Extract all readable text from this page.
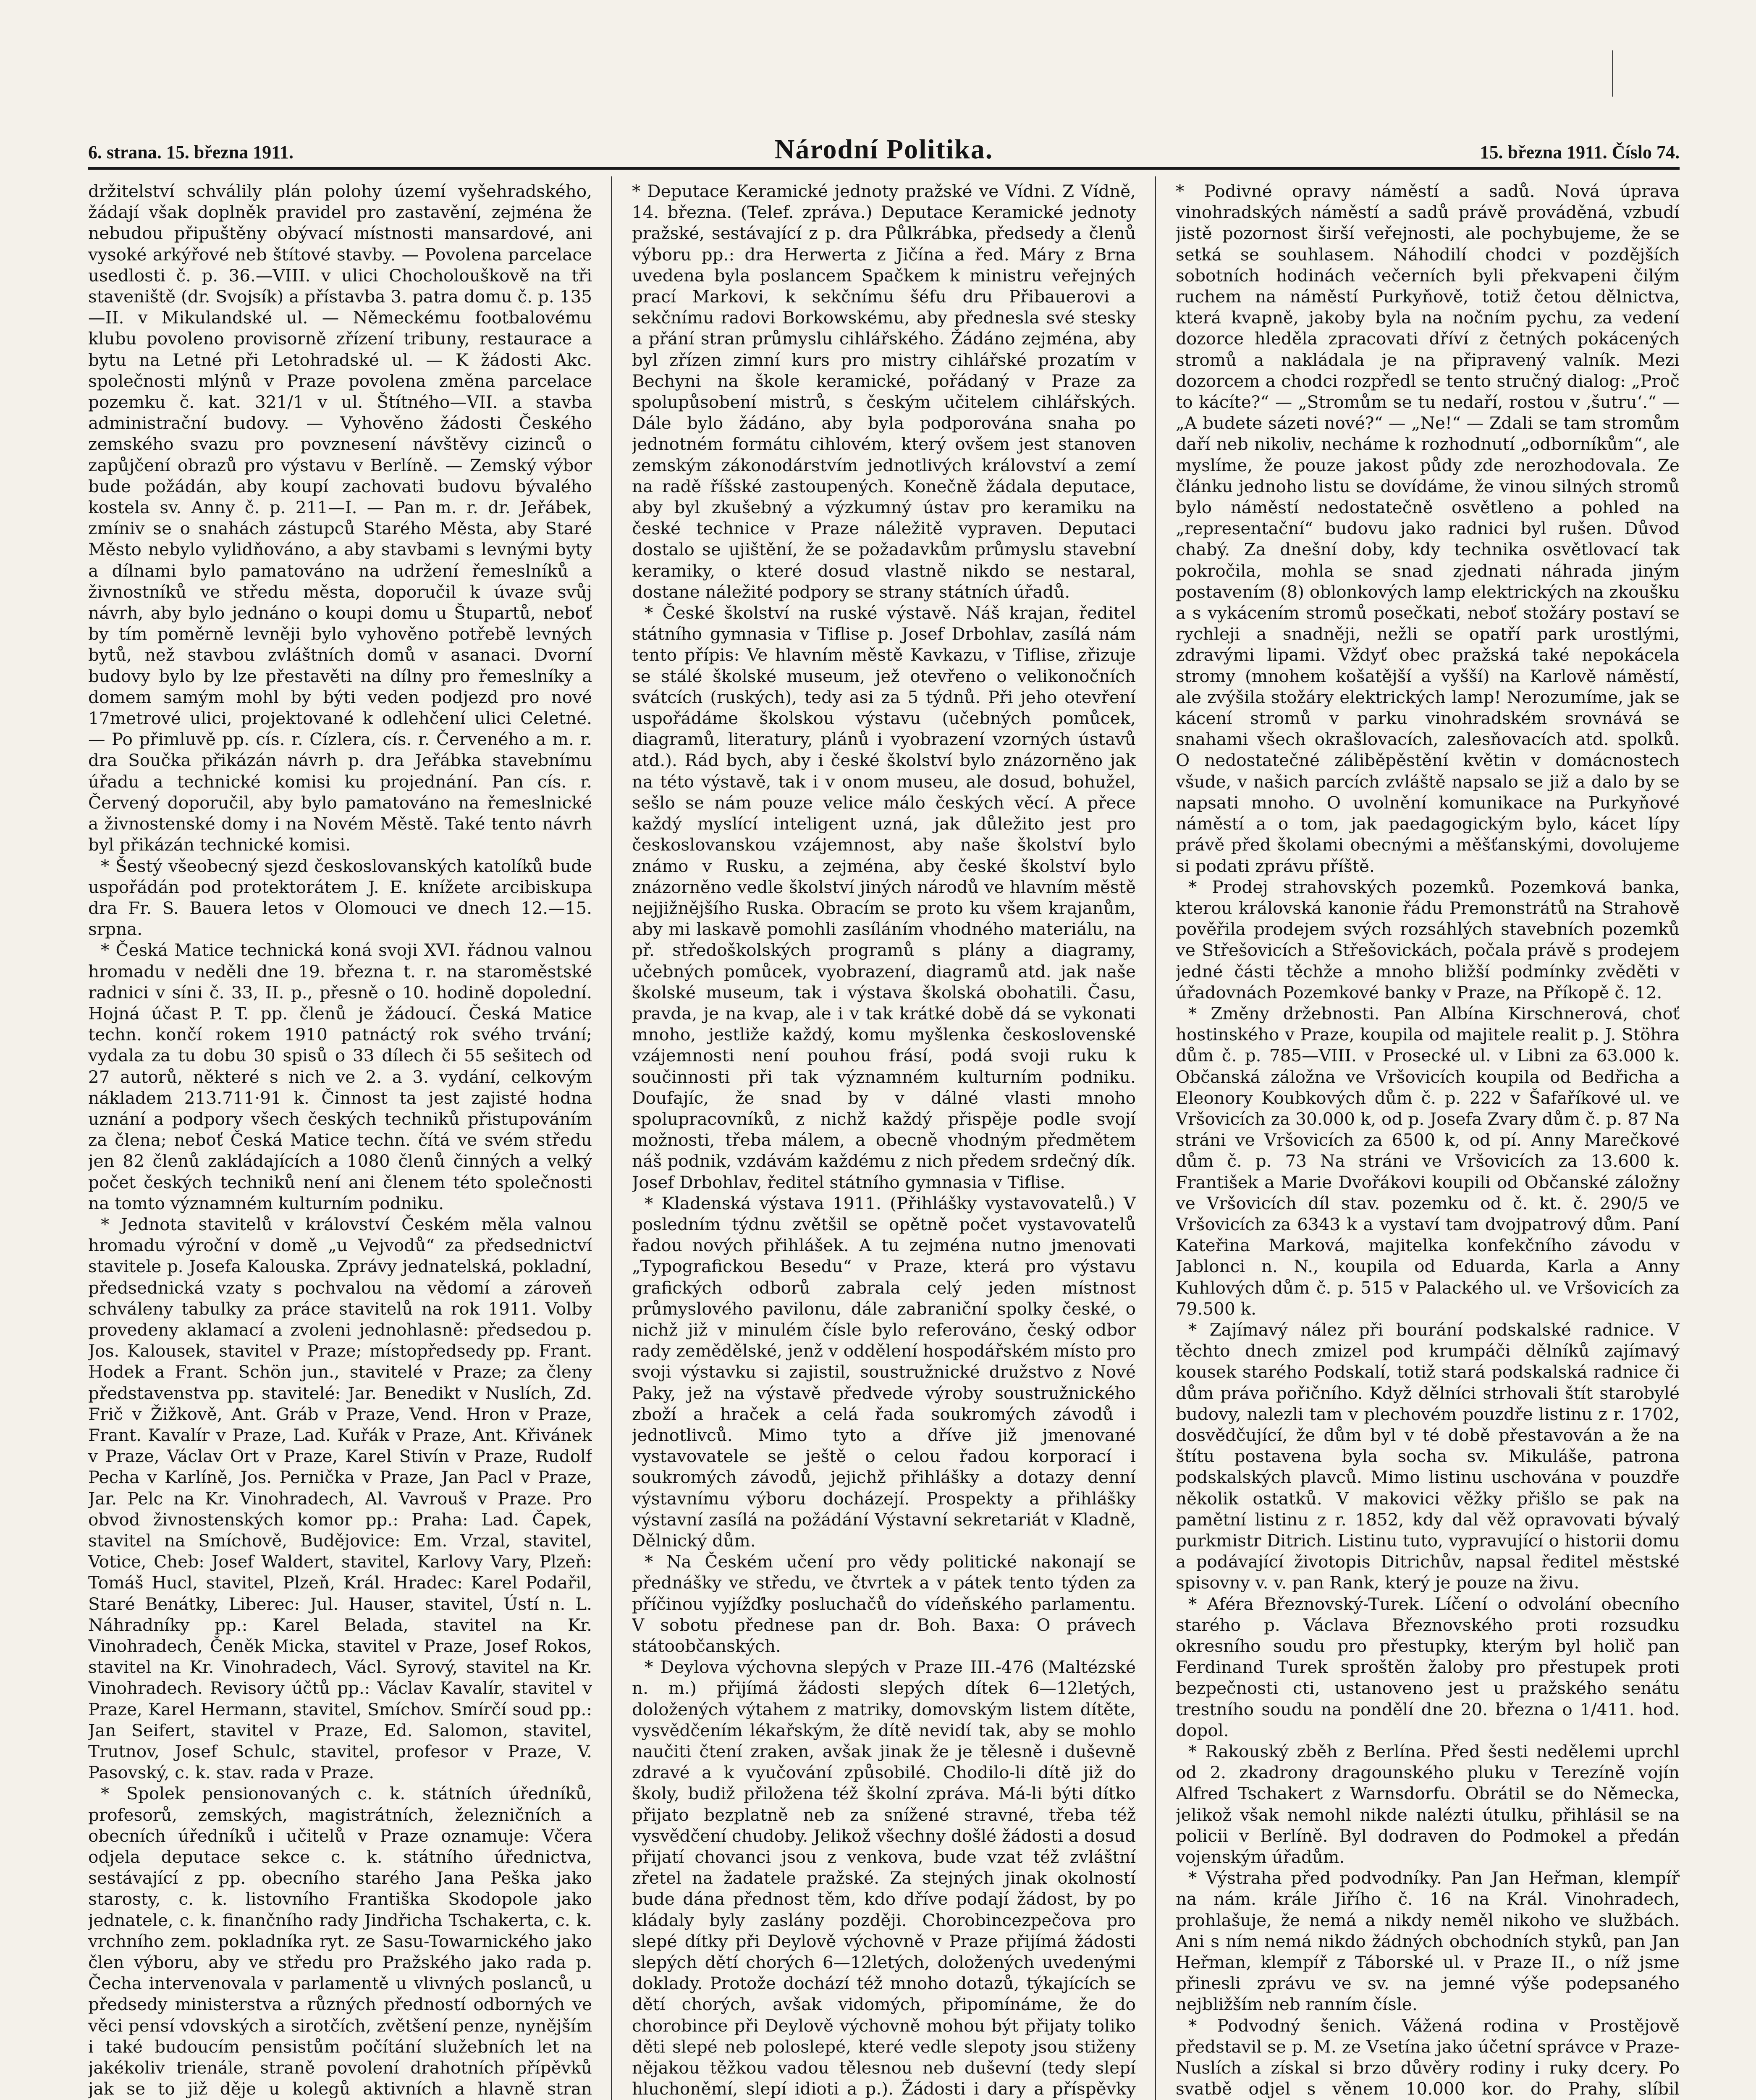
6. strana. 15. března 1911.	Národní Politika.	15. března 1911. Číslo 74.

držitelství schválily plán polohy území vyšehradského, žádají však doplněk pravidel pro zastavění, zejména že nebudou připuštěny obývací místnosti mansardové, ani vysoké arkýřové neb štítové stavby. — Povolena parcelace usedlosti č. p. 36.—VIII. v ulici Chocholouškově na tři staveniště (dr. Svojsík) a přístavba 3. patra domu č. p. 135—II. v Mikulandské ul. — Německému footbalovému klubu povoleno provisorně zřízení tribuny, restaurace a bytu na Letné při Letohradské ul. — K žádosti Akc. společnosti mlýnů v Praze povolena změna parcelace pozemku č. kat. 321/1 v ul. Štítného—VII. a stavba administrační budovy. — Vyhověno žádosti Českého zemského svazu pro povznesení návštěvy cizinců o zapůjčení obrazů pro výstavu v Berlíně. — Zemský výbor bude požádán, aby koupí zachovati budovu bývalého kostela sv. Anny č. p. 211—I. — Pan m. r. dr. Jeřábek, zmíniv se o snahách zástupců Starého Města, aby Staré Město nebylo vylidňováno, a aby stavbami s levnými byty a dílnami bylo pamatováno na udržení řemeslníků a živnostníků ve středu města, doporučil k úvaze svůj návrh, aby bylo jednáno o koupi domu u Štupartů, neboť by tím poměrně levněji bylo vyhověno potřebě levných bytů, než stavbou zvláštních domů v asanaci. Dvorní budovy bylo by lze přestavěti na dílny pro řemeslníky a domem samým mohl by býti veden podjezd pro nové 17metrové ulici, projektované k odlehčení ulici Celetné. — Po přimluvě pp. cís. r. Cízlera, cís. r. Červeného a m. r. dra Součka přikázán návrh p. dra Jeřábka stavebnímu úřadu a technické komisi ku projednání. Pan cís. r. Červený doporučil, aby bylo pamatováno na řemeslnické a živnostenské domy i na Novém Městě. Také tento návrh byl přikázán technické komisi.

* Šestý všeobecný sjezd českoslovanských katolíků bude uspořádán pod protektorátem J. E. knížete arcibiskupa dra Fr. S. Bauera letos v Olomouci ve dnech 12.—15. srpna.

* Česká Matice technická koná svoji XVI. řádnou valnou hromadu v neděli dne 19. března t. r. na staroměstské radnici v síni č. 33, II. p., přesně o 10. hodině dopolední. Hojná účast P. T. pp. členů je žádoucí. Česká Matice techn. končí rokem 1910 patnáctý rok svého trvání; vydala za tu dobu 30 spisů o 33 dílech či 55 sešitech od 27 autorů, některé s nich ve 2. a 3. vydání, celkovým nákladem 213.711·91 k. Činnost ta jest zajisté hodna uznání a podpory všech českých techniků přistupováním za člena; neboť Česká Matice techn. čítá ve svém středu jen 82 členů zakládajících a 1080 členů činných a velký počet českých techniků není ani členem této společnosti na tomto významném kulturním podniku.

* Jednota stavitelů v království Českém měla valnou hromadu výroční v domě „u Vejvodů“ za předsednictví stavitele p. Josefa Kalouska. Zprávy jednatelská, pokladní, předsednická vzaty s pochvalou na vědomí a zároveň schváleny tabulky za práce stavitelů na rok 1911. Volby provedeny aklamací a zvoleni jednohlasně: předsedou p. Jos. Kalousek, stavitel v Praze; místopředsedy pp. Frant. Hodek a Frant. Schön jun., stavitelé v Praze; za členy představenstva pp. stavitelé: Jar. Benedikt v Nuslích, Zd. Frič v Žižkově, Ant. Gráb v Praze, Vend. Hron v Praze, Frant. Kavalír v Praze, Lad. Kuřák v Praze, Ant. Křivánek v Praze, Václav Ort v Praze, Karel Stivín v Praze, Rudolf Pecha v Karlíně, Jos. Pernička v Praze, Jan Pacl v Praze, Jar. Pelc na Kr. Vinohradech, Al. Vavrouš v Praze. Pro obvod živnostenských komor pp.: Praha: Lad. Čapek, stavitel na Smíchově, Budějovice: Em. Vrzal, stavitel, Votice, Cheb: Josef Waldert, stavitel, Karlovy Vary, Plzeň: Tomáš Hucl, stavitel, Plzeň, Král. Hradec: Karel Podařil, Staré Benátky, Liberec: Jul. Hauser, stavitel, Ústí n. L. Náhradníky pp.: Karel Belada, stavitel na Kr. Vinohradech, Čeněk Micka, stavitel v Praze, Josef Rokos, stavitel na Kr. Vinohradech, Václ. Syrový, stavitel na Kr. Vinohradech. Revisory účtů pp.: Václav Kavalír, stavitel v Praze, Karel Hermann, stavitel, Smíchov. Smírčí soud pp.: Jan Seifert, stavitel v Praze, Ed. Salomon, stavitel, Trutnov, Josef Schulc, stavitel, profesor v Praze, V. Pasovský, c. k. stav. rada v Praze.

* Spolek pensionovaných c. k. státních úředníků, profesorů, zemských, magistrátních, železničních a obecních úředníků i učitelů v Praze oznamuje: Včera odjela deputace sekce c. k. státního úřednictva, sestávající z pp. obecního starého Jana Peška jako starosty, c. k. listovního Františka Skodopole jako jednatele, c. k. finančního rady Jindřicha Tschakerta, c. k. vrchního zem. pokladníka ryt. ze Sasu-Towarnického jako člen výboru, aby ve středu pro Pražského jako rada p. Čecha intervenovala v parlamentě u vlivných poslanců, u předsedy ministerstva a různých předností odborných ve věci pensí vdovských a sirotčích, zvětšení penze, nynějším i také budoucím pensistům počítání služebních let na jakékoliv trienále, straně povolení drahotních přípěvků jak se to již děje u kolegů aktivních a hlavně stran

* Deputace Keramické jednoty pražské ve Vídni. Z Vídně, 14. března. (Telef. zpráva.) Deputace Keramické jednoty pražské, sestávající z p. dra Půlkrábka, předsedy a členů výboru pp.: dra Herwerta z Jičína a řed. Máry z Brna uvedena byla poslancem Spačkem k ministru veřejných prací Markovi, k sekčnímu šéfu dru Přibauerovi a sekčnímu radovi Borkowskému, aby přednesla své stesky a přání stran průmyslu cihlářského. Žádáno zejména, aby byl zřízen zimní kurs pro mistry cihlářské prozatím v Bechyni na škole keramické, pořádaný v Praze za spolupůsobení mistrů, s českým učitelem cihlářských. Dále bylo žádáno, aby byla podporována snaha po jednotném formátu cihlovém, který ovšem jest stanoven zemským zákonodárstvím jednotlivých království a zemí na radě říšské zastoupených. Konečně žádala deputace, aby byl zkušebný a výzkumný ústav pro keramiku na české technice v Praze náležitě vypraven. Deputaci dostalo se ujištění, že se požadavkům průmyslu stavební keramiky, o které dosud vlastně nikdo se nestaral, dostane náležité podpory se strany státních úřadů.

* České školství na ruské výstavě. Náš krajan, ředitel státního gymnasia v Tiflise p. Josef Drbohlav, zasílá nám tento přípis: Ve hlavním městě Kavkazu, v Tiflise, zřizuje se stálé školské museum, jež otevřeno o velikonočních svátcích (ruských), tedy asi za 5 týdnů. Při jeho otevření uspořádáme školskou výstavu (učebných pomůcek, diagramů, literatury, plánů i vyobrazení vzorných ústavů atd.). Rád bych, aby i české školství bylo znázorněno jak na této výstavě, tak i v onom museu, ale dosud, bohužel, sešlo se nám pouze velice málo českých věcí. A přece každý myslící inteligent uzná, jak důležito jest pro českoslovanskou vzájemnost, aby naše školství bylo známo v Rusku, a zejména, aby české školství bylo znázorněno vedle školství jiných národů ve hlavním městě nejjižnějšího Ruska. Obracím se proto ku všem krajanům, aby mi laskavě pomohli zasíláním vhodného materiálu, na př. středoškolských programů s plány a diagramy, učebných pomůcek, vyobrazení, diagramů atd. jak naše školské museum, tak i výstava školská obohatili. Času, pravda, je na kvap, ale i v tak krátké době dá se vykonati mnoho, jestliže každý, komu myšlenka československé vzájemnosti není pouhou frásí, podá svoji ruku k součinnosti při tak významném kulturním podniku. Doufajíc, že snad by v dálné vlasti mnoho spolupracovníků, z nichž každý přispěje podle svojí možnosti, třeba málem, a obecně vhodným předmětem náš podnik, vzdávám každému z nich předem srdečný dík. Josef Drbohlav, ředitel státního gymnasia v Tiflise.

* Kladenská výstava 1911. (Přihlášky vystavovatelů.) V posledním týdnu zvětšil se opětně počet vystavovatelů řadou nových přihlášek. A tu zejména nutno jmenovati „Typografickou Besedu“ v Praze, která pro výstavu grafických odborů zabrala celý jeden místnost průmyslového pavilonu, dále zabraniční spolky české, o nichž již v minulém čísle bylo referováno, český odbor rady zemědělské, jenž v oddělení hospodářském místo pro svoji výstavku si zajistil, soustružnické družstvo z Nové Paky, jež na výstavě předvede výroby soustružnického zboží a hraček a celá řada soukromých závodů i jednotlivců. Mimo tyto a dříve již jmenované vystavovatele se ještě o celou řadou korporací i soukromých závodů, jejichž přihlášky a dotazy denní výstavnímu výboru docházejí. Prospekty a přihlášky výstavní zasílá na požádání Výstavní sekretariát v Kladně, Dělnický dům.

* Na Českém učení pro vědy politické nakonají se přednášky ve středu, ve čtvrtek a v pátek tento týden za příčinou vyjížďky posluchačů do vídeňského parlamentu. V sobotu přednese pan dr. Boh. Baxa: O právech státoobčanských.

* Deylova výchovna slepých v Praze III.-476 (Maltézské n. m.) přijímá žádosti slepých dítek 6—12letých, doložených výtahem z matriky, domovským listem dítěte, vysvědčením lékařským, že dítě nevidí tak, aby se mohlo naučiti čtení zraken, avšak jinak že je tělesně i duševně zdravé a k vyučování způsobilé. Chodilo-li dítě již do školy, budiž přiložena též školní zpráva. Má-li býti dítko přijato bezplatně neb za snížené stravné, třeba též vysvědčení chudoby. Jelikož všechny došlé žádosti a dosud přijatí chovanci jsou z venkova, bude vzat též zvláštní zřetel na žadatele pražské. Za stejných jinak okolností bude dána přednost těm, kdo dříve podají žádost, by po kládaly byly zaslány později. Chorobincezpečova pro slepé dítky při Deylově výchovně v Praze přijímá žádosti slepých dětí chorých 6—12letých, doložených uvedenými doklady. Protože dochází též mnoho dotazů, týkajících se dětí chorých, avšak vidomých, připomínáme, že do chorobince při Deylově výchovně mohou být přijaty toliko děti slepé neb poloslepé, které vedle slepoty jsou stiženy nějakou těžkou vadou tělesnou neb duševní (tedy slepí hluchoněmí, slepí idioti a p.). Žádosti i dary a příspěvky

* Podivné opravy náměstí a sadů. Nová úprava vinohradských náměstí a sadů právě prováděná, vzbudí jistě pozornost širší veřejnosti, ale pochybujeme, že se setká se souhlasem. Náhodilí chodci v pozdějších sobotních hodinách večerních byli překvapeni čilým ruchem na náměstí Purkyňově, totiž četou dělnictva, která kvapně, jakoby byla na nočním pychu, za vedení dozorce hleděla zpracovati dříví z četných pokácených stromů a nakládala je na připravený valník. Mezi dozorcem a chodci rozpředl se tento stručný dialog: „Proč to kácíte?“ — „Stromům se tu nedaří, rostou v ‚šutru‘.“ — „A budete sázeti nové?“ — „Ne!“ — Zdali se tam stromům daří neb nikoliv, necháme k rozhodnutí „odborníkům“, ale myslíme, že pouze jakost půdy zde nerozhodovala. Ze článku jednoho listu se dovídáme, že vinou silných stromů bylo náměstí nedostatečně osvětleno a pohled na „representační“ budovu jako radnici byl rušen. Důvod chabý. Za dnešní doby, kdy technika osvětlovací tak pokročila, mohla se snad zjednati náhrada jiným postavením (8) oblonkových lamp elektrických na zkoušku a s vykácením stromů posečkati, neboť stožáry postaví se rychleji a snadněji, nežli se opatří park urostlými, zdravými lipami. Vždyť obec pražská také nepokácela stromy (mnohem košatější a vyšší) na Karlově náměstí, ale zvýšila stožáry elektrických lamp! Nerozumíme, jak se kácení stromů v parku vinohradském srovnává se snahami všech okrašlovacích, zalesňovacích atd. spolků. O nedostatečné záliběpěstění květin v domácnostech všude, v našich parcích zvláště napsalo se již a dalo by se napsati mnoho. O uvolnění komunikace na Purkyňové náměstí a o tom, jak paedagogickým bylo, kácet lípy právě před školami obecnými a měšťanskými, dovolujeme si podati zprávu příště.

* Prodej strahovských pozemků. Pozemková banka, kterou královská kanonie řádu Premonstrátů na Strahově pověřila prodejem svých rozsáhlých stavebních pozemků ve Střešovicích a Střešovickách, počala právě s prodejem jedné části těchže a mnoho bližší podmínky zvěděti v úřadovnách Pozemkové banky v Praze, na Příkopě č. 12.

* Změny držebnosti. Pan Albína Kirschnerová, choť hostinského v Praze, koupila od majitele realit p. J. Stöhra dům č. p. 785—VIII. v Prosecké ul. v Libni za 63.000 k. Občanská záložna ve Vršovicích koupila od Bedřicha a Eleonory Koubkových dům č. p. 222 v Šafaříkové ul. ve Vršovicích za 30.000 k, od p. Josefa Zvary dům č. p. 87 Na stráni ve Vršovicích za 6500 k, od pí. Anny Marečkové dům č. p. 73 Na stráni ve Vršovicích za 13.600 k. František a Marie Dvořákovi koupili od Občanské záložny ve Vršovicích díl stav. pozemku od č. kt. č. 290/5 ve Vršovicích za 6343 k a vystaví tam dvojpatrový dům. Paní Kateřina Marková, majitelka konfekčního závodu v Jablonci n. N., koupila od Eduarda, Karla a Anny Kuhlových dům č. p. 515 v Palackého ul. ve Vršovicích za 79.500 k.

* Zajímavý nález při bourání podskalské radnice. V těchto dnech zmizel pod krumpáči dělníků zajímavý kousek starého Podskalí, totiž stará podskalská radnice či dům práva pořičního. Když dělníci strhovali štít starobylé budovy, nalezli tam v plechovém pouzdře listinu z r. 1702, dosvědčující, že dům byl v té době přestavován a že na štítu postavena byla socha sv. Mikuláše, patrona podskalských plavců. Mimo listinu uschována v pouzdře několik ostatků. V makovici věžky přišlo se pak na pamětní listinu z r. 1852, kdy dal věž opravovati bývalý purkmistr Ditrich. Listinu tuto, vypravující o historii domu a podávající životopis Ditrichův, napsal ředitel městské spisovny v. v. pan Rank, který je pouze na živu.

* Aféra Březnovský-Turek. Líčení o odvolání obecního starého p. Václava Březnovského proti rozsudku okresního soudu pro přestupky, kterým byl holič pan Ferdinand Turek sproštěn žaloby pro přestupek proti bezpečnosti cti, ustanoveno jest u pražského senátu trestního soudu na pondělí dne 20. března o 1/411. hod. dopol.

* Rakouský zběh z Berlína. Před šesti nedělemi uprchl od 2. zkadrony dragounského pluku v Terezíně vojín Alfred Tschakert z Warnsdorfu. Obrátil se do Německa, jelikož však nemohl nikde nalézti útulku, přihlásil se na policii v Berlíně. Byl dodraven do Podmokel a předán vojenským úřadům.

* Výstraha před podvodníky. Pan Jan Heřman, klempíř na nám. krále Jiřího č. 16 na Král. Vinohradech, prohlašuje, že nemá a nikdy neměl nikoho ve službách. Ani s ním nemá nikdo žádných obchodních styků, pan Jan Heřman, klempíř z Táborské ul. v Praze II., o níž jsme přinesli zprávu ve sv. na jemné výše podepsaného nejbližším neb ranním čísle.

* Podvodný šenich. Vážená rodina v Prostějově představil se p. M. ze Vsetína jako účetní správce v Praze-Nuslích a získal si brzo důvěry rodiny i ruky dcery. Po svatbě odjel s věnem 10.000 kor. do Prahy, slíbil
